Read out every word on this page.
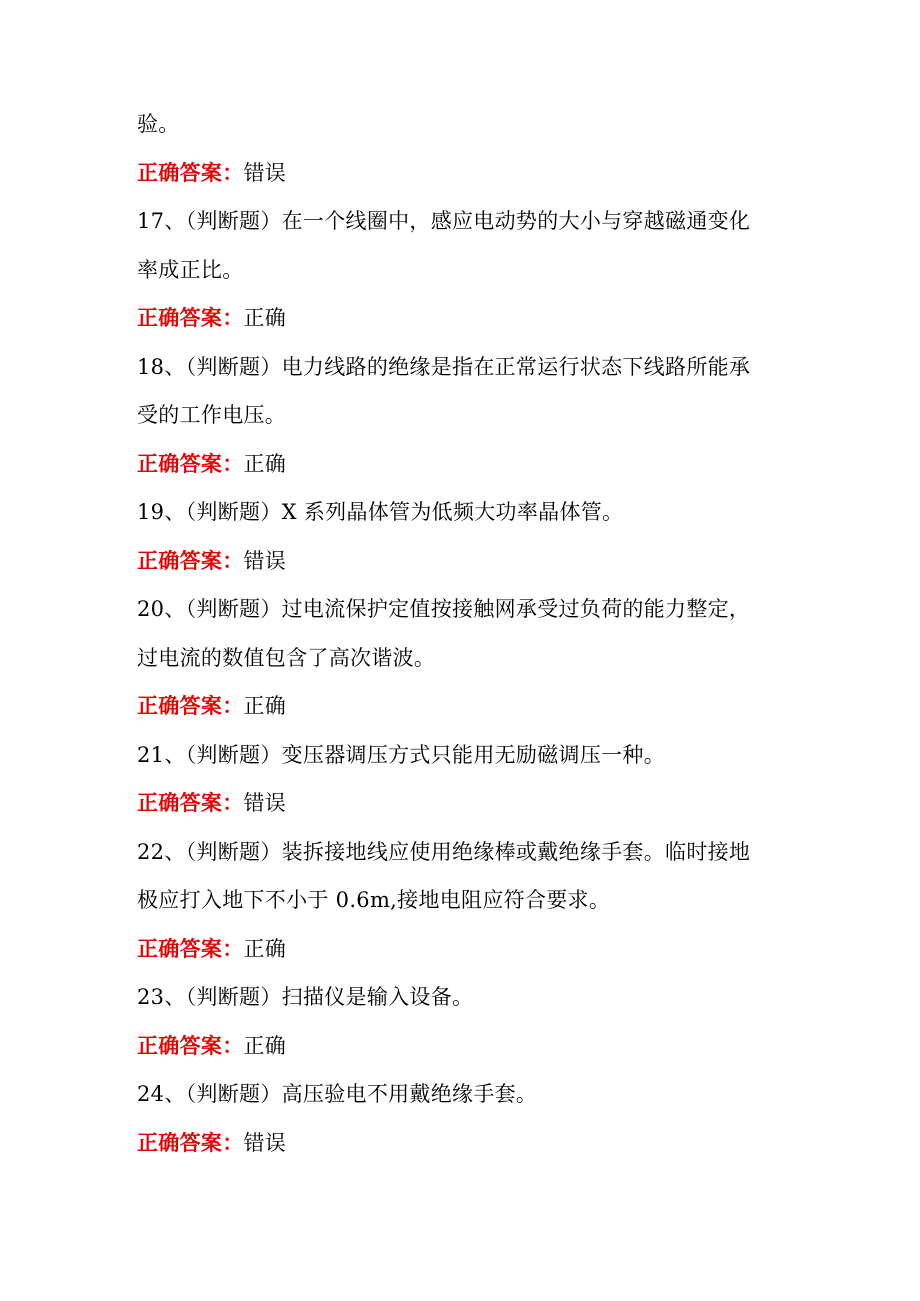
验。
正确答案：错误
17、（判断题）在一个线圈中，感应电动势的大小与穿越磁通变化
率成正比。
正确答案：正确
18、（判断题）电力线路的绝缘是指在正常运行状态下线路所能承
受的工作电压。
正确答案：正确
19、（判断题）X 系列晶体管为低频大功率晶体管。
正确答案：错误
20、（判断题）过电流保护定值按接触网承受过负荷的能力整定，
过电流的数值包含了高次谐波。
正确答案：正确
21、（判断题）变压器调压方式只能用无励磁调压一种。
正确答案：错误
22、（判断题）装拆接地线应使用绝缘棒或戴绝缘手套。临时接地
极应打入地下不小于 0.6m,接地电阻应符合要求。
正确答案：正确
23、（判断题）扫描仪是输入设备。
正确答案：正确
24、（判断题）高压验电不用戴绝缘手套。
正确答案：错误
